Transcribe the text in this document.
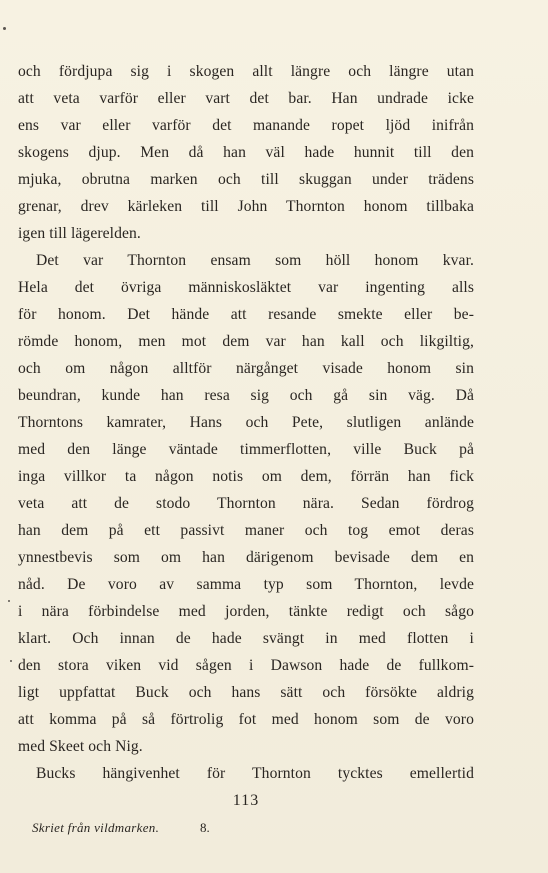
och fördjupa sig i skogen allt längre och längre utan
att veta varför eller vart det bar. Han undrade icke
ens var eller varför det manande ropet ljöd inifrån
skogens djup. Men då han väl hade hunnit till den
mjuka, obrutna marken och till skuggan under trädens
grenar, drev kärleken till John Thornton honom tillbaka
igen till lägerelden.
Det var Thornton ensam som höll honom kvar.
Hela det övriga människosläktet var ingenting alls
för honom. Det hände att resande smekte eller be-
römde honom, men mot dem var han kall och likgiltig,
och om någon alltför närgånget visade honom sin
beundran, kunde han resa sig och gå sin väg. Då
Thorntons kamrater, Hans och Pete, slutligen anlände
med den länge väntade timmerflotten, ville Buck på
inga villkor ta någon notis om dem, förrän han fick
veta att de stodo Thornton nära. Sedan fördrog
han dem på ett passivt maner och tog emot deras
ynnestbevis som om han därigenom bevisade dem en
nåd. De voro av samma typ som Thornton, levde
i nära förbindelse med jorden, tänkte redigt och sågo
klart. Och innan de hade svängt in med flotten i
den stora viken vid sågen i Dawson hade de fullkom-
ligt uppfattat Buck och hans sätt och försökte aldrig
att komma på så förtrolig fot med honom som de voro
med Skeet och Nig.
Bucks hängivenhet för Thornton tycktes emellertid
113
Skriet från vildmarken.	8.
